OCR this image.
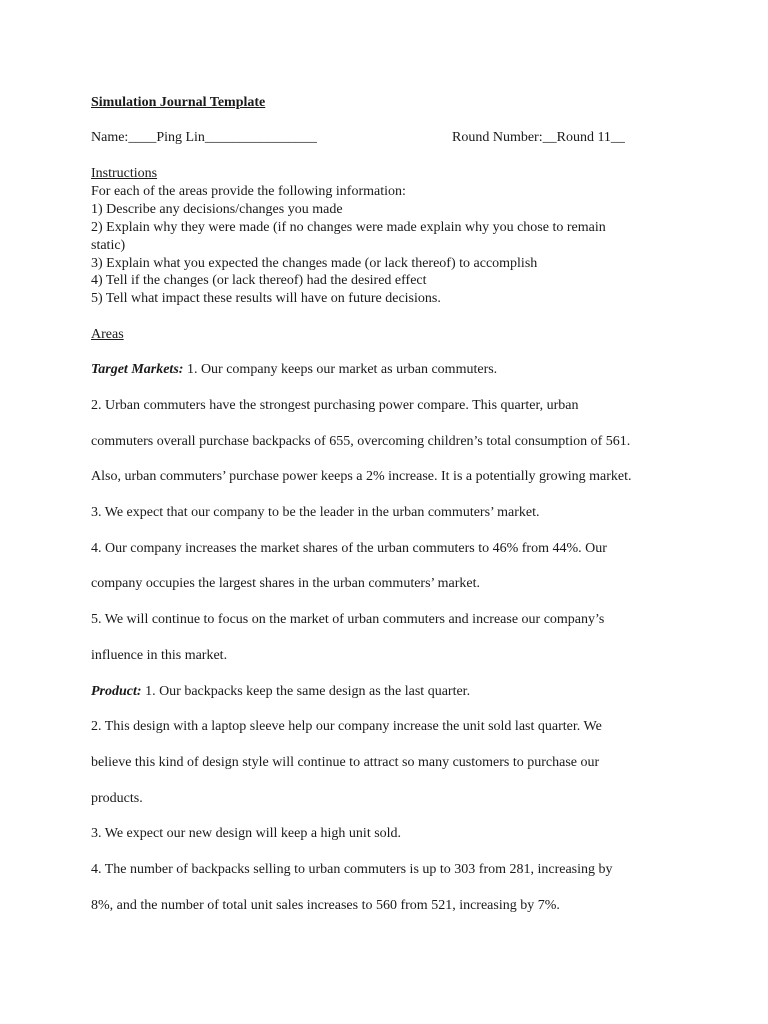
Simulation Journal Template
Name:____Ping Lin________________	Round Number:__Round 11__
Instructions
For each of the areas provide the following information:
1) Describe any decisions/changes you made
2) Explain why they were made (if no changes were made explain why you chose to remain
static)
3) Explain what you expected the changes made (or lack thereof) to accomplish
4) Tell if the changes (or lack thereof) had the desired effect
5) Tell what impact these results will have on future decisions.
Areas
Target Markets: 1. Our company keeps our market as urban commuters.
2. Urban commuters have the strongest purchasing power compare. This quarter, urban
commuters overall purchase backpacks of 655, overcoming children’s total consumption of 561.
Also, urban commuters’ purchase power keeps a 2% increase. It is a potentially growing market.
3. We expect that our company to be the leader in the urban commuters’ market.
4. Our company increases the market shares of the urban commuters to 46% from 44%. Our
company occupies the largest shares in the urban commuters’ market.
5. We will continue to focus on the market of urban commuters and increase our company’s
influence in this market.
Product: 1. Our backpacks keep the same design as the last quarter.
2. This design with a laptop sleeve help our company increase the unit sold last quarter. We
believe this kind of design style will continue to attract so many customers to purchase our
products.
3. We expect our new design will keep a high unit sold.
4. The number of backpacks selling to urban commuters is up to 303 from 281, increasing by
8%, and the number of total unit sales increases to 560 from 521, increasing by 7%.
